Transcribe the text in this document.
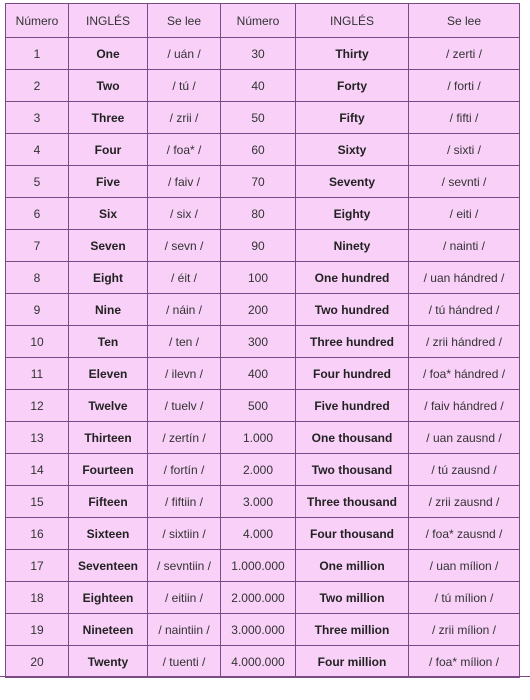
Número	INGLÉS	Se lee	Número	INGLÉS	Se lee
1	One	/ uán /	30	Thirty	/ zerti /
2	Two	/ tú /	40	Forty	/ forti /
3	Three	/ zrii /	50	Fifty	/ fifti /
4	Four	/ foa* /	60	Sixty	/ sixti /
5	Five	/ faiv /	70	Seventy	/ sevnti /
6	Six	/ six /	80	Eighty	/ eiti /
7	Seven	/ sevn /	90	Ninety	/ nainti /
8	Eight	/ éit /	100	One hundred	/ uan hándred /
9	Nine	/ náin /	200	Two hundred	/ tú hándred /
10	Ten	/ ten /	300	Three hundred	/ zrii hándred /
11	Eleven	/ ilevn /	400	Four hundred	/ foa* hándred /
12	Twelve	/ tuelv /	500	Five hundred	/ faiv hándred /
13	Thirteen	/ zertín /	1.000	One thousand	/ uan zausnd /
14	Fourteen	/ fortín /	2.000	Two thousand	/ tú zausnd /
15	Fifteen	/ fiftiin /	3.000	Three thousand	/ zrii zausnd /
16	Sixteen	/ sixtiin /	4.000	Four thousand	/ foa* zausnd /
17	Seventeen	/ sevntiin /	1.000.000	One million	/ uan mílion /
18	Eighteen	/ eitiin /	2.000.000	Two million	/ tú mílion /
19	Nineteen	/ naintiin /	3.000.000	Three million	/ zrii mílion /
20	Twenty	/ tuenti /	4.000.000	Four million	/ foa* mílion /
